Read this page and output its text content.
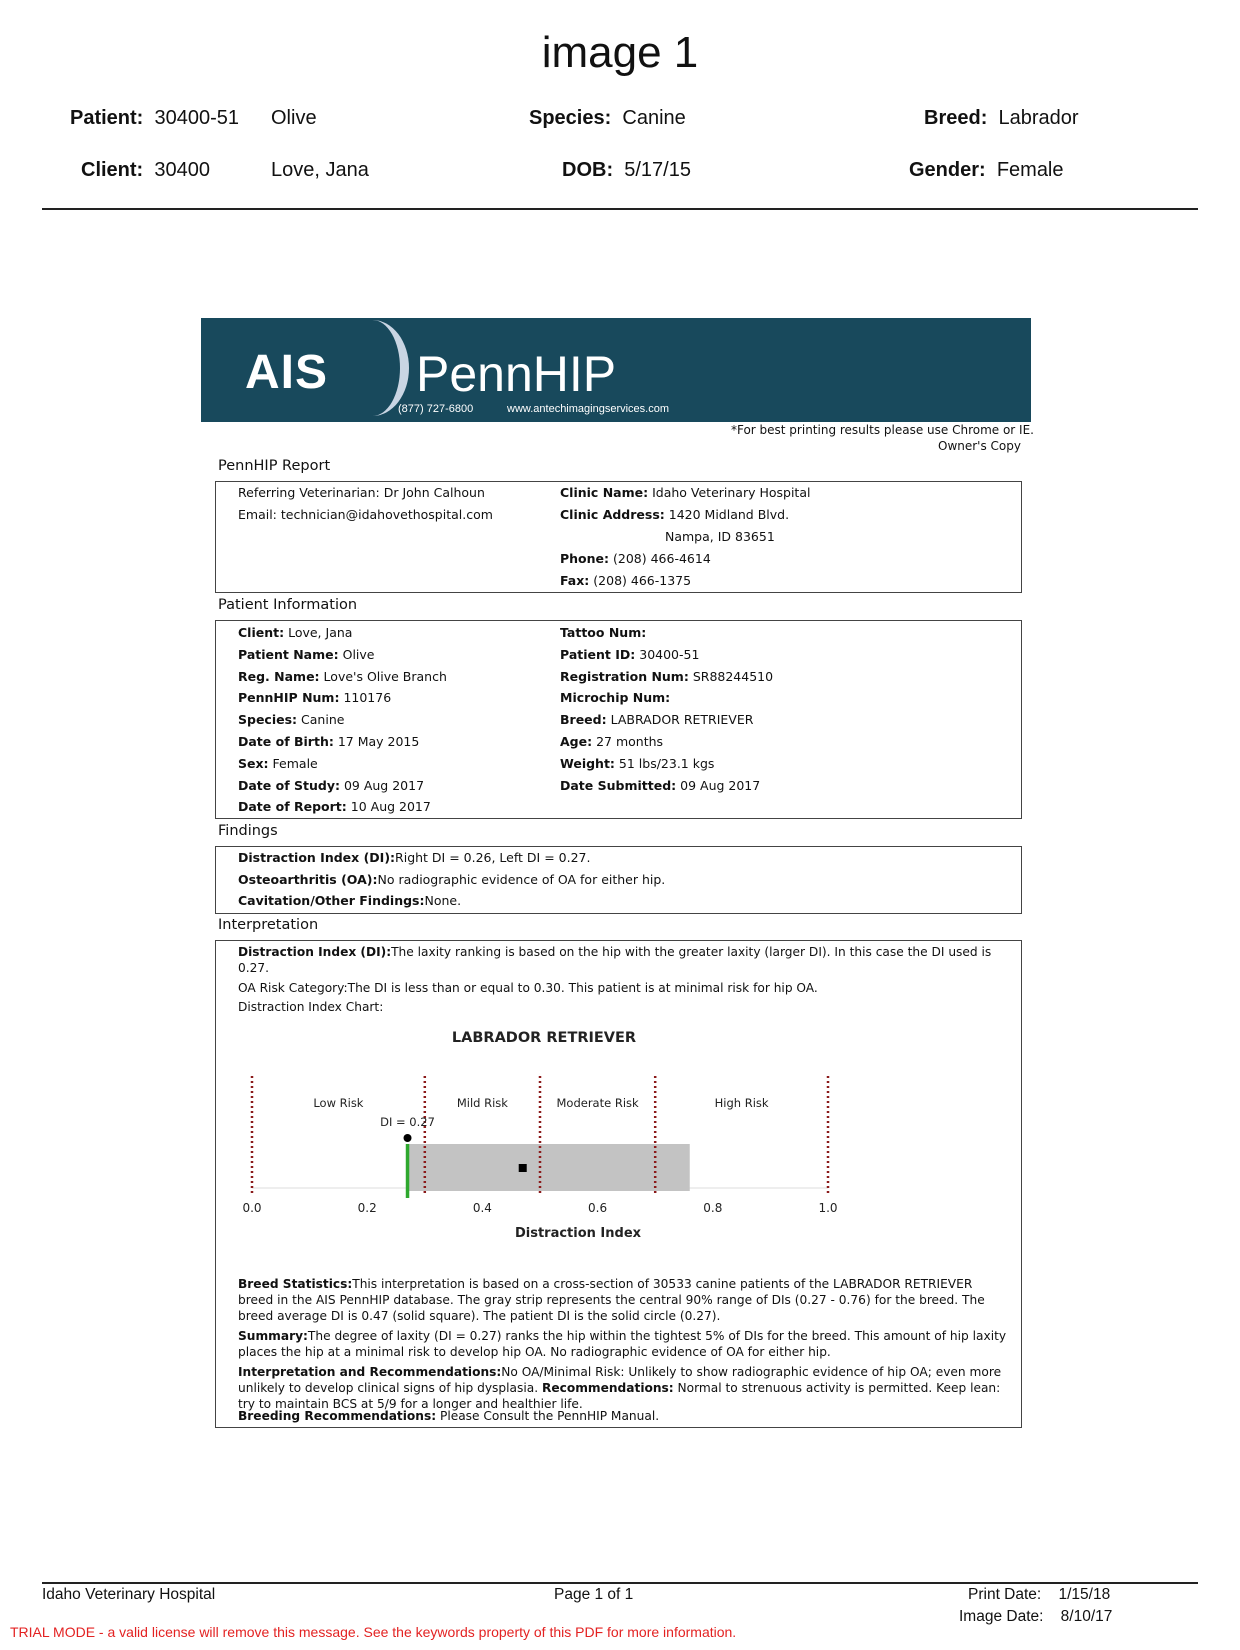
image 1
Patient: 30400-51 Olive	Species: Canine	Breed: Labrador
Client: 30400	Love, Jana	DOB: 5/17/15	Gender: Female
AIS PennHIP
(877) 727-6800	www.antechimagingservices.com
*For best printing results please use Chrome or IE.
Owner's Copy
PennHIP Report
Referring Veterinarian: Dr John Calhoun
Email: technician@idahovethospital.com
Clinic Name: Idaho Veterinary Hospital
Clinic Address: 1420 Midland Blvd.
Nampa, ID 83651
Phone: (208) 466-4614
Fax: (208) 466-1375
Patient Information
Client: Love, Jana
Patient Name: Olive
Reg. Name: Love's Olive Branch
PennHIP Num: 110176
Species: Canine
Date of Birth: 17 May 2015
Sex: Female
Date of Study: 09 Aug 2017
Date of Report: 10 Aug 2017
Tattoo Num:
Patient ID: 30400-51
Registration Num: SR88244510
Microchip Num:
Breed: LABRADOR RETRIEVER
Age: 27 months
Weight: 51 lbs/23.1 kgs
Date Submitted: 09 Aug 2017
Findings
Distraction Index (DI):Right DI = 0.26, Left DI = 0.27.
Osteoarthritis (OA):No radiographic evidence of OA for either hip.
Cavitation/Other Findings:None.
Interpretation
Distraction Index (DI):The laxity ranking is based on the hip with the greater laxity (larger DI). In this case the DI used is 0.27.
OA Risk Category:The DI is less than or equal to 0.30. This patient is at minimal risk for hip OA.
Distraction Index Chart:
LABRADOR RETRIEVER
Low Risk	Mild Risk	Moderate Risk	High Risk
DI = 0.27
0.0	0.2	0.4	0.6	0.8	1.0
Distraction Index
Breed Statistics:This interpretation is based on a cross-section of 30533 canine patients of the LABRADOR RETRIEVER breed in the AIS PennHIP database. The gray strip represents the central 90% range of DIs (0.27 - 0.76) for the breed. The breed average DI is 0.47 (solid square). The patient DI is the solid circle (0.27).
Summary:The degree of laxity (DI = 0.27) ranks the hip within the tightest 5% of DIs for the breed. This amount of hip laxity places the hip at a minimal risk to develop hip OA. No radiographic evidence of OA for either hip.
Interpretation and Recommendations:No OA/Minimal Risk: Unlikely to show radiographic evidence of hip OA; even more unlikely to develop clinical signs of hip dysplasia. Recommendations: Normal to strenuous activity is permitted. Keep lean: try to maintain BCS at 5/9 for a longer and healthier life.
Breeding Recommendations: Please Consult the PennHIP Manual.
Idaho Veterinary Hospital	Page 1 of 1	Print Date: 1/15/18
Image Date: 8/10/17
TRIAL MODE - a valid license will remove this message. See the keywords property of this PDF for more information.
